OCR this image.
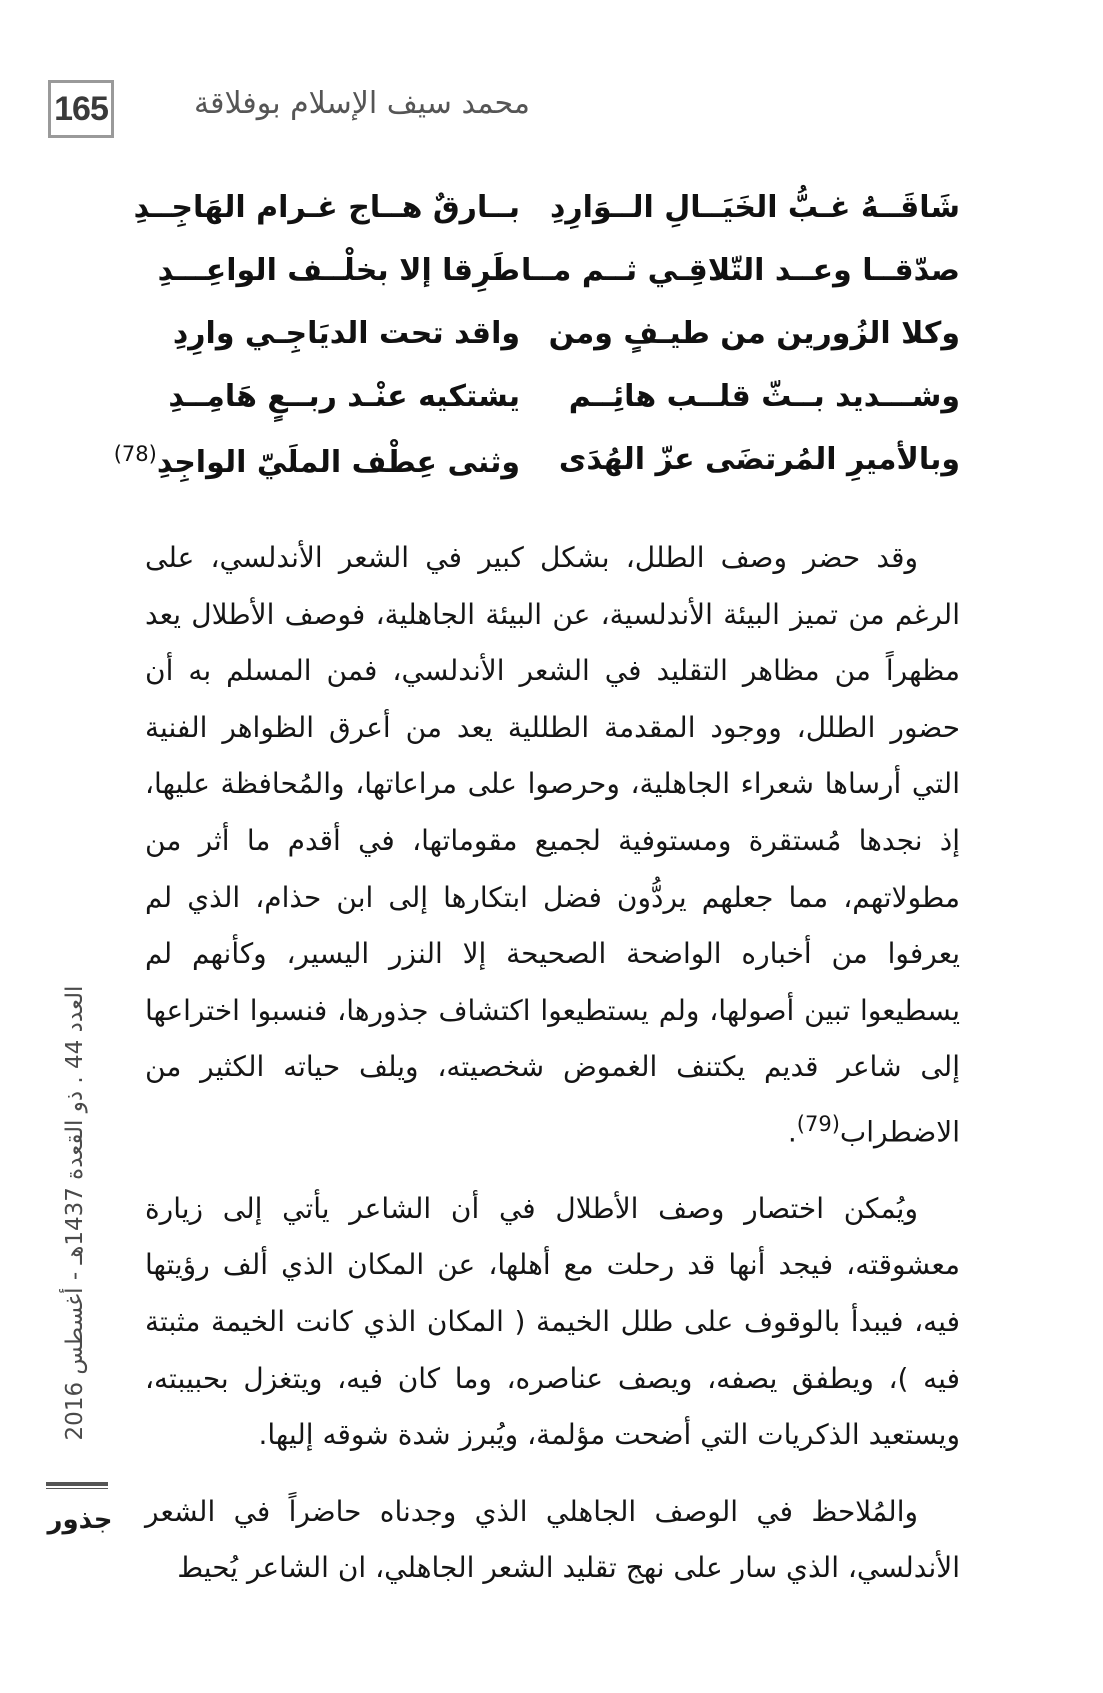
165	محمد سيف الإسلام بوفلاقة
شَاقَــهُ غـبُّ الخَيَــالِ الــوَارِدِ
بــارقٌ هــاج غـرام الهَاجِــدِ
صدّقــا وعــد التّلاقِـي ثــم مــا
طَرِقا إلا بخلْــف الواعِـــدِ
وكلا الزُورين من طيـفٍ ومن
واقد تحت الديَاجِـي وارِدِ
وشـــديد بــثّ قلــب هائِــم
يشتكيه عنْـد ربــعٍ هَامِــدِ
وبالأميرِ المُرتضَى عزّ الهُدَى
وثنى عِطْف الملَيّ الواجِدِ$^{(78)}$

وقد حضر وصف الطلل، بشكل كبير في الشعر الأندلسي، على الرغم من تميز البيئة الأندلسية، عن البيئة الجاهلية، فوصف الأطلال يعد مظهراً من مظاهر التقليد في الشعر الأندلسي، فمن المسلم به أن حضور الطلل، ووجود المقدمة الطللية يعد من أعرق الظواهر الفنية التي أرساها شعراء الجاهلية، وحرصوا على مراعاتها، والمُحافظة عليها، إذ نجدها مُستقرة ومستوفية لجميع مقوماتها، في أقدم ما أثر من مطولاتهم، مما جعلهم يردُّون فضل ابتكارها إلى ابن حذام، الذي لم يعرفوا من أخباره الواضحة الصحيحة إلا النزر اليسير، وكأنهم لم يسطيعوا تبين أصولها، ولم يستطيعوا اكتشاف جذورها، فنسبوا اختراعها إلى شاعر قديم يكتنف الغموض شخصيته، ويلف حياته الكثير من الاضطراب$^{(79)}$.

ويُمكن اختصار وصف الأطلال في أن الشاعر يأتي إلى زيارة معشوقته، فيجد أنها قد رحلت مع أهلها، عن المكان الذي ألف رؤيتها فيه، فيبدأ بالوقوف على طلل الخيمة ( المكان الذي كانت الخيمة مثبتة فيه )، ويطفق يصفه، ويصف عناصره، وما كان فيه، ويتغزل بحبيبته، ويستعيد الذكريات التي أضحت مؤلمة، ويُبرز شدة شوقه إليها.

والمُلاحظ في الوصف الجاهلي الذي وجدناه حاضراً في الشعر الأندلسي، الذي سار على نهج تقليد الشعر الجاهلي، ان الشاعر يُحيط

العدد 44 . ذو القعدة 1437هـ - أغسطس 2016
جذور
